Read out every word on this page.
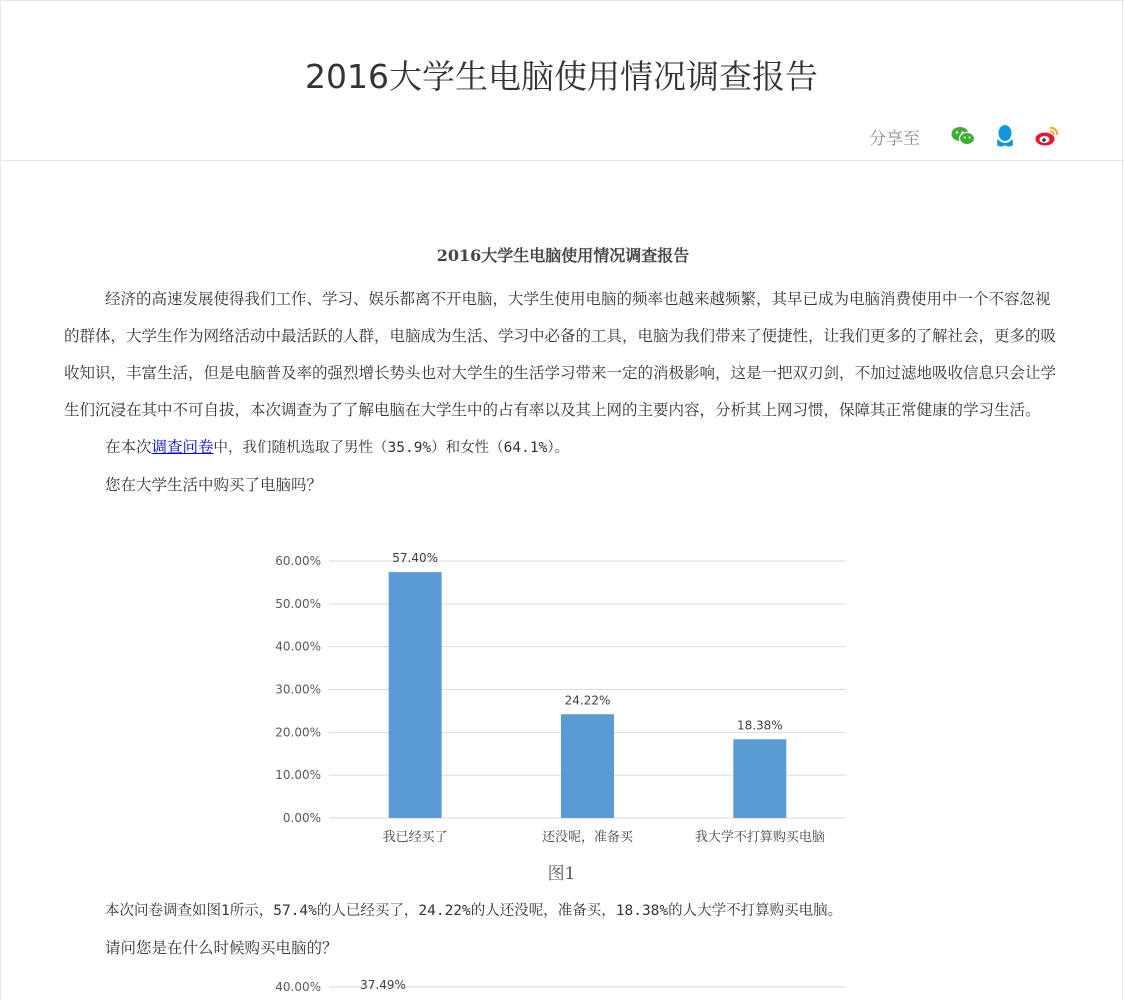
2016大学生电脑使用情况调查报告
分享至
2016大学生电脑使用情况调查报告

经济的高速发展使得我们工作、学习、娱乐都离不开电脑，大学生使用电脑的频率也越来越频繁，其早已成为电脑消费使用中一个不容忽视的群体，大学生作为网络活动中最活跃的人群，电脑成为生活、学习中必备的工具，电脑为我们带来了便捷性，让我们更多的了解社会，更多的吸收知识，丰富生活，但是电脑普及率的强烈增长势头也对大学生的生活学习带来一定的消极影响，这是一把双刃剑，不加过滤地吸收信息只会让学生们沉浸在其中不可自拔，本次调查为了了解电脑在大学生中的占有率以及其上网的主要内容，分析其上网习惯，保障其正常健康的学习生活。

在本次调查问卷中，我们随机选取了男性（35.9%）和女性（64.1%）。

您在大学生活中购买了电脑吗？

0.00%
10.00%
20.00%
30.00%
40.00%
50.00%
60.00%	57.40%
我已经买了
24.22%
还没呢，准备买
18.38%
我大学不打算购买电脑
图1

本次问卷调查如图1所示，57.4%的人已经买了，24.22%的人还没呢，准备买，18.38%的人大学不打算购买电脑。

请问您是在什么时候购买电脑的？

40.00%	37.49%
